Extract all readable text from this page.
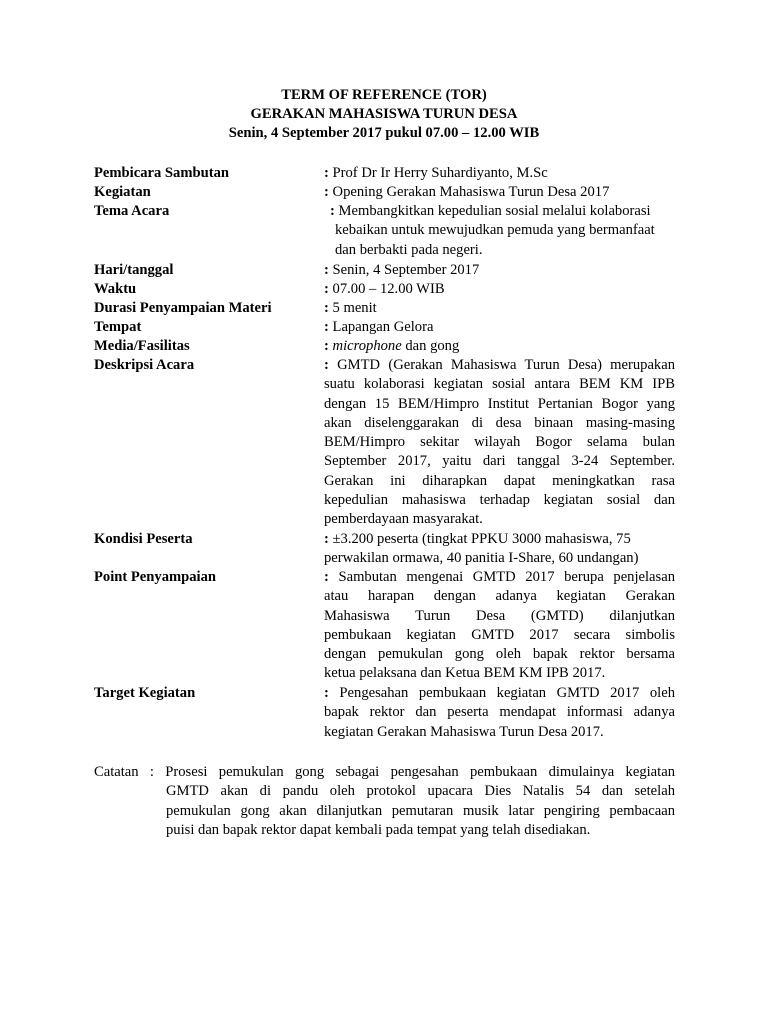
TERM OF REFERENCE (TOR)
GERAKAN MAHASISWA TURUN DESA
Senin, 4 September 2017 pukul 07.00 – 12.00 WIB
Pembicara Sambutan	: Prof Dr Ir Herry Suhardiyanto, M.Sc
Kegiatan	: Opening Gerakan Mahasiswa Turun Desa 2017
Tema Acara	: Membangkitkan kepedulian sosial melalui kolaborasi
kebaikan untuk mewujudkan pemuda yang bermanfaat
dan berbakti pada negeri.
Hari/tanggal	: Senin, 4 September 2017
Waktu	: 07.00 – 12.00 WIB
Durasi Penyampaian Materi	: 5 menit
Tempat	: Lapangan Gelora
Media/Fasilitas	: microphone dan gong
Deskripsi Acara	: GMTD (Gerakan Mahasiswa Turun Desa) merupakan
suatu kolaborasi kegiatan sosial antara BEM KM IPB
dengan 15 BEM/Himpro Institut Pertanian Bogor yang
akan diselenggarakan di desa binaan masing-masing
BEM/Himpro sekitar wilayah Bogor selama bulan
September 2017, yaitu dari tanggal 3-24 September.
Gerakan ini diharapkan dapat meningkatkan rasa
kepedulian mahasiswa terhadap kegiatan sosial dan
pemberdayaan masyarakat.
Kondisi Peserta	: ±3.200 peserta (tingkat PPKU 3000 mahasiswa, 75
perwakilan ormawa, 40 panitia I-Share, 60 undangan)
Point Penyampaian	: Sambutan mengenai GMTD 2017 berupa penjelasan
atau harapan dengan adanya kegiatan Gerakan
Mahasiswa Turun Desa (GMTD) dilanjutkan
pembukaan kegiatan GMTD 2017 secara simbolis
dengan pemukulan gong oleh bapak rektor bersama
ketua pelaksana dan Ketua BEM KM IPB 2017.
Target Kegiatan	: Pengesahan pembukaan kegiatan GMTD 2017 oleh
bapak rektor dan peserta mendapat informasi adanya
kegiatan Gerakan Mahasiswa Turun Desa 2017.
Catatan : Prosesi pemukulan gong sebagai pengesahan pembukaan dimulainya kegiatan
GMTD akan di pandu oleh protokol upacara Dies Natalis 54 dan setelah
pemukulan gong akan dilanjutkan pemutaran musik latar pengiring pembacaan
puisi dan bapak rektor dapat kembali pada tempat yang telah disediakan.
